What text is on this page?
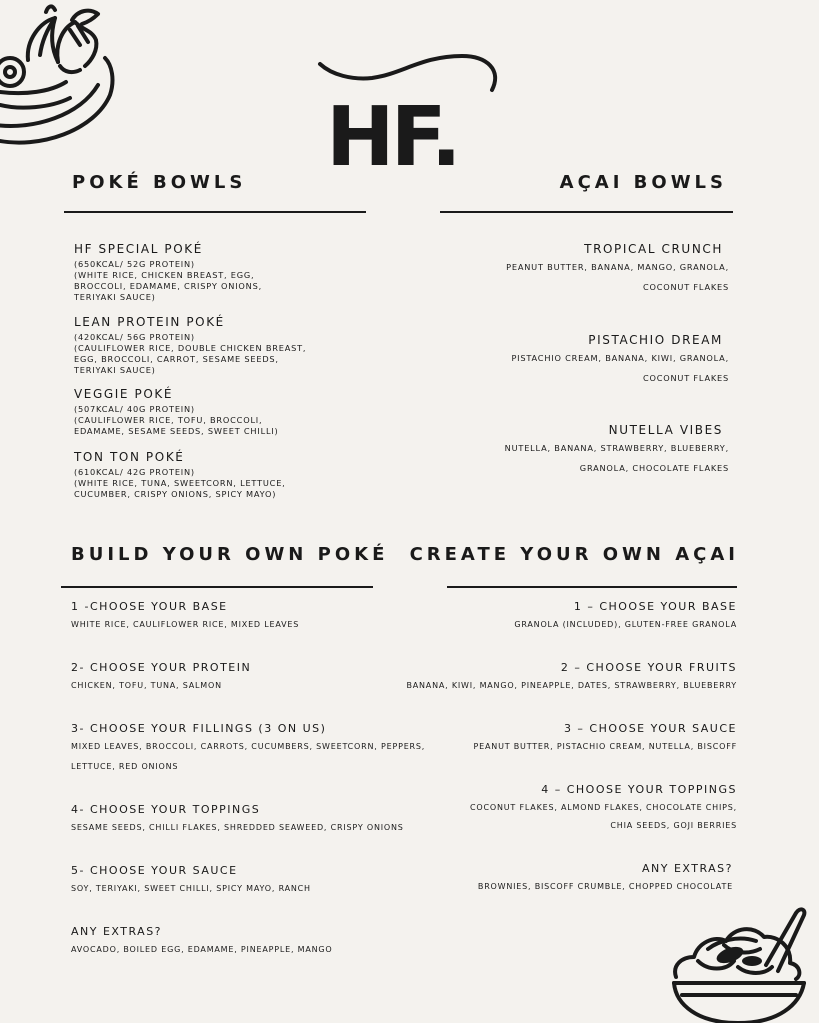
HF.
POKÉ BOWLS
HF SPECIAL POKÉ
(650KCAL/ 52G PROTEIN)
(WHITE RICE, CHICKEN BREAST, EGG,
BROCCOLI, EDAMAME, CRISPY ONIONS,
TERIYAKI SAUCE)
LEAN PROTEIN POKÉ
(420KCAL/ 56G PROTEIN)
(CAULIFLOWER RICE, DOUBLE CHICKEN BREAST,
EGG, BROCCOLI, CARROT, SESAME SEEDS,
TERIYAKI SAUCE)
VEGGIE POKÉ
(507KCAL/ 40G PROTEIN)
(CAULIFLOWER RICE, TOFU, BROCCOLI,
EDAMAME, SESAME SEEDS, SWEET CHILLI)
TON TON POKÉ
(610KCAL/ 42G PROTEIN)
(WHITE RICE, TUNA, SWEETCORN, LETTUCE,
CUCUMBER, CRISPY ONIONS, SPICY MAYO)
AÇAI BOWLS
TROPICAL CRUNCH
PEANUT BUTTER, BANANA, MANGO, GRANOLA,
COCONUT FLAKES
PISTACHIO DREAM
PISTACHIO CREAM, BANANA, KIWI, GRANOLA,
COCONUT FLAKES
NUTELLA VIBES
NUTELLA, BANANA, STRAWBERRY, BLUEBERRY,
GRANOLA, CHOCOLATE FLAKES
BUILD YOUR OWN POKÉ
1 -CHOOSE YOUR BASE
WHITE RICE, CAULIFLOWER RICE, MIXED LEAVES
2- CHOOSE YOUR PROTEIN
CHICKEN, TOFU, TUNA, SALMON
3- CHOOSE YOUR FILLINGS (3 ON US)
MIXED LEAVES, BROCCOLI, CARROTS, CUCUMBERS, SWEETCORN, PEPPERS,
LETTUCE, RED ONIONS
4- CHOOSE YOUR TOPPINGS
SESAME SEEDS, CHILLI FLAKES, SHREDDED SEAWEED, CRISPY ONIONS
5- CHOOSE YOUR SAUCE
SOY, TERIYAKI, SWEET CHILLI, SPICY MAYO, RANCH
ANY EXTRAS?
AVOCADO, BOILED EGG, EDAMAME, PINEAPPLE, MANGO
CREATE YOUR OWN AÇAI
1 – CHOOSE YOUR BASE
GRANOLA (INCLUDED), GLUTEN-FREE GRANOLA
2 – CHOOSE YOUR FRUITS
BANANA, KIWI, MANGO, PINEAPPLE, DATES, STRAWBERRY, BLUEBERRY
3 – CHOOSE YOUR SAUCE
PEANUT BUTTER, PISTACHIO CREAM, NUTELLA, BISCOFF
4 – CHOOSE YOUR TOPPINGS
COCONUT FLAKES, ALMOND FLAKES, CHOCOLATE CHIPS,
CHIA SEEDS, GOJI BERRIES
ANY EXTRAS?
BROWNIES, BISCOFF CRUMBLE, CHOPPED CHOCOLATE
